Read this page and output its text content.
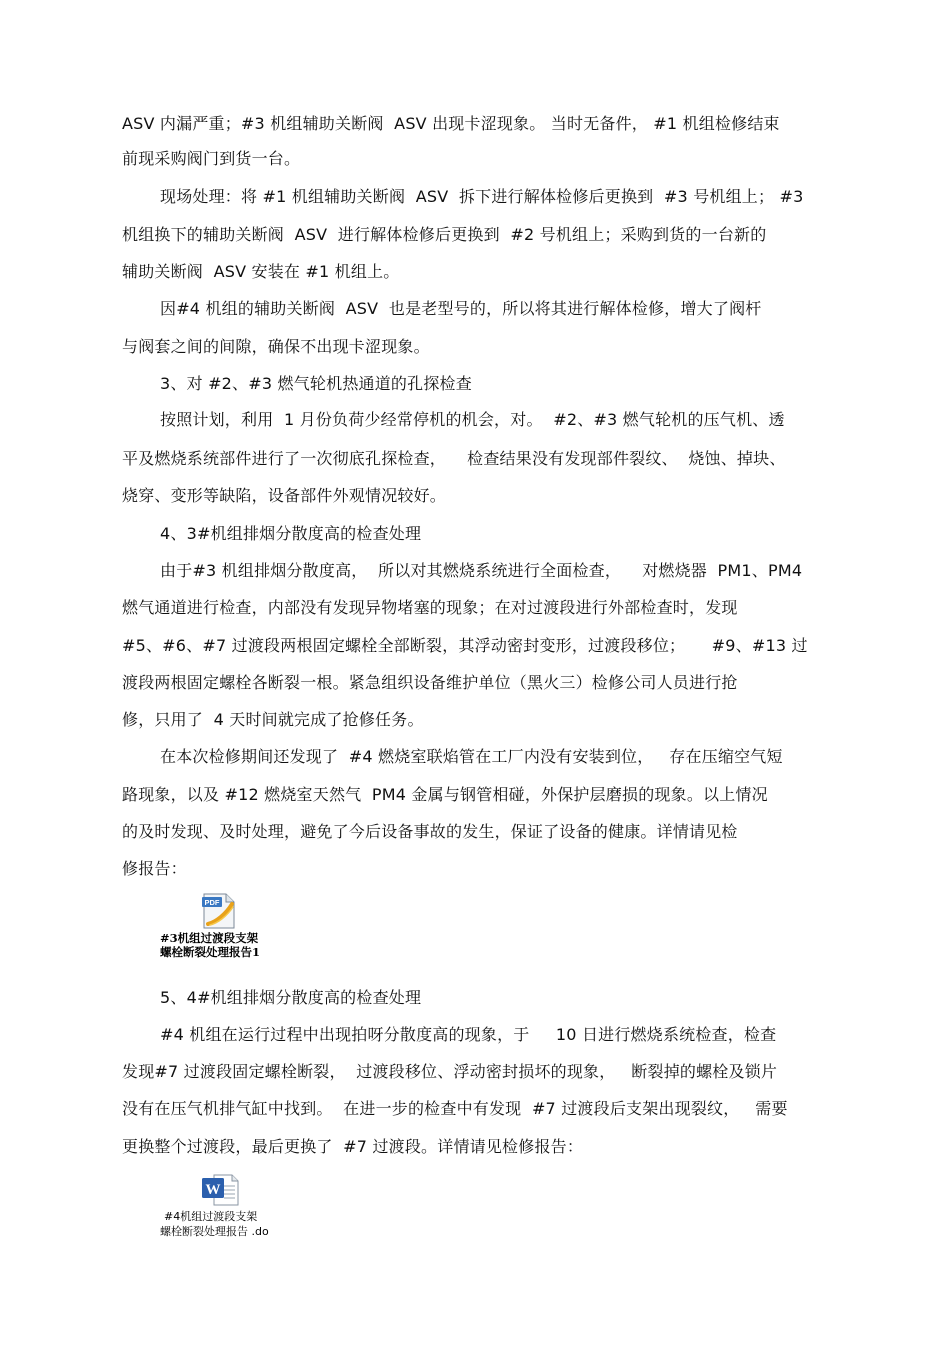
ASV 内漏严重；#3 机组辅助关断阀  ASV 出现卡涩现象。 当时无备件， #1 机组检修结束
前现采购阀门到货一台。
现场处理：将 #1 机组辅助关断阀  ASV  拆下进行解体检修后更换到  #3 号机组上； #3
机组换下的辅助关断阀  ASV  进行解体检修后更换到  #2 号机组上；采购到货的一台新的
辅助关断阀  ASV 安装在 #1 机组上。
因#4 机组的辅助关断阀  ASV  也是老型号的，所以将其进行解体检修，增大了阀杆
与阀套之间的间隙，确保不出现卡涩现象。
3、对 #2、#3 燃气轮机热通道的孔探检查
按照计划，利用  1 月份负荷少经常停机的机会，对。  #2、#3 燃气轮机的压气机、透
平及燃烧系统部件进行了一次彻底孔探检查，    检查结果没有发现部件裂纹、  烧蚀、掉块、
烧穿、变形等缺陷，设备部件外观情况较好。
4、3#机组排烟分散度高的检查处理
由于#3 机组排烟分散度高，  所以对其燃烧系统进行全面检查，    对燃烧器  PM1、PM4
燃气通道进行检查，内部没有发现异物堵塞的现象；在对过渡段进行外部检查时，发现
#5、#6、#7 过渡段两根固定螺栓全部断裂，其浮动密封变形，过渡段移位；     #9、#13 过
渡段两根固定螺栓各断裂一根。紧急组织设备维护单位（黑火三）检修公司人员进行抢
修，只用了  4 天时间就完成了抢修任务。
在本次检修期间还发现了  #4 燃烧室联焰管在工厂内没有安装到位，   存在压缩空气短
路现象，以及 #12 燃烧室天然气  PM4 金属与钢管相碰，外保护层磨损的现象。以上情况
的及时发现、及时处理，避免了今后设备事故的发生，保证了设备的健康。详情请见检
修报告：
PDF
#3机组过渡段支架
螺栓断裂处理报告1
5、4#机组排烟分散度高的检查处理
#4 机组在运行过程中出现拍呀分散度高的现象，于     10 日进行燃烧系统检查，检查
发现#7 过渡段固定螺栓断裂，  过渡段移位、浮动密封损坏的现象，   断裂掉的螺栓及锁片
没有在压气机排气缸中找到。  在进一步的检查中有发现  #7 过渡段后支架出现裂纹，   需要
更换整个过渡段，最后更换了  #7 过渡段。详情请见检修报告：
W
#4机组过渡段支架
螺栓断裂处理报告 .do
